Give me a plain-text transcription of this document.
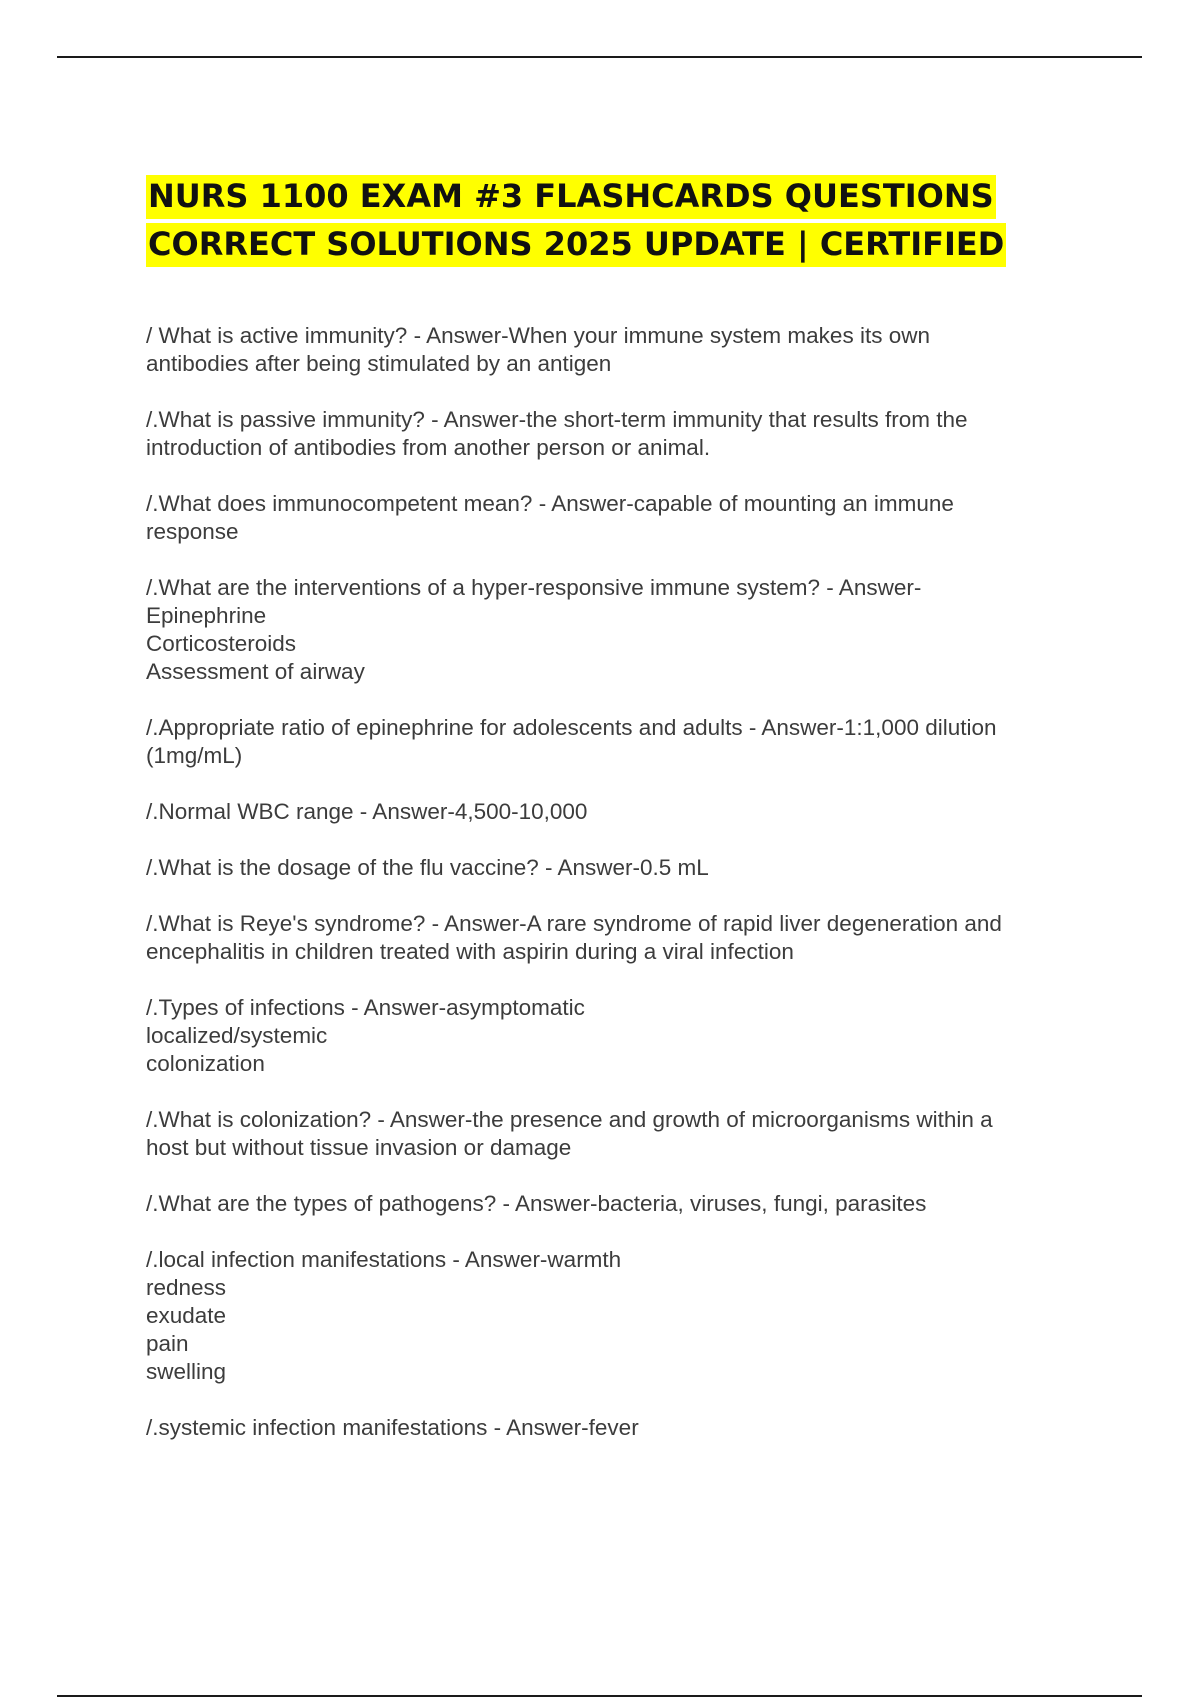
NURS 1100 EXAM #3 FLASHCARDS QUESTIONS CORRECT SOLUTIONS 2025 UPDATE | CERTIFIED
/ What is active immunity? - Answer-When your immune system makes its own
antibodies after being stimulated by an antigen
/.What is passive immunity? - Answer-the short-term immunity that results from the
introduction of antibodies from another person or animal.
/.What does immunocompetent mean? - Answer-capable of mounting an immune
response
/.What are the interventions of a hyper-responsive immune system? - Answer-
Epinephrine
Corticosteroids
Assessment of airway
/.Appropriate ratio of epinephrine for adolescents and adults - Answer-1:1,000 dilution
(1mg/mL)
/.Normal WBC range - Answer-4,500-10,000
/.What is the dosage of the flu vaccine? - Answer-0.5 mL
/.What is Reye's syndrome? - Answer-A rare syndrome of rapid liver degeneration and
encephalitis in children treated with aspirin during a viral infection
/.Types of infections - Answer-asymptomatic
localized/systemic
colonization
/.What is colonization? - Answer-the presence and growth of microorganisms within a
host but without tissue invasion or damage
/.What are the types of pathogens? - Answer-bacteria, viruses, fungi, parasites
/.local infection manifestations - Answer-warmth
redness
exudate
pain
swelling
/.systemic infection manifestations - Answer-fever
